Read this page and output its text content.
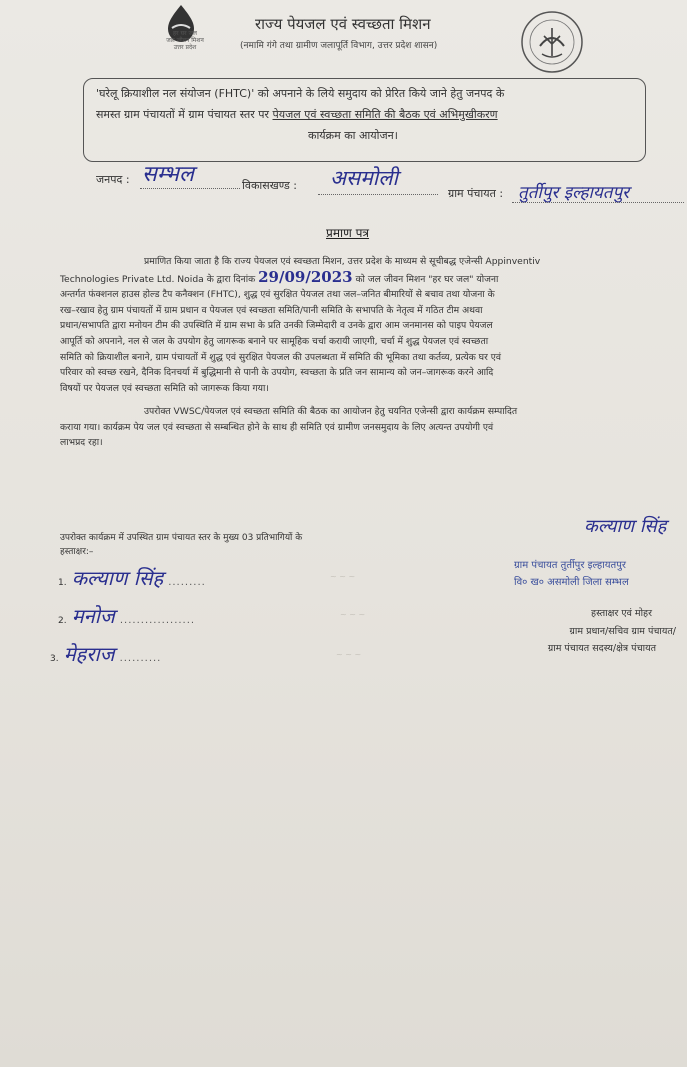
हर घर जल
जल जीवन मिशन
उत्तर प्रदेश
राज्य पेयजल एवं स्वच्छता मिशन
(नमामि गंगे तथा ग्रामीण जलापूर्ति विभाग, उत्तर प्रदेश शासन)
'घरेलू क्रियाशील नल संयोजन (FHTC)' को अपनाने के लिये समुदाय को प्रेरित किये जाने हेतु जनपद के
समस्त ग्राम पंचायतों में ग्राम पंचायत स्तर पर पेयजल एवं स्वच्छता समिति की बैठक एवं अभिमुखीकरण
कार्यक्रम का आयोजन।
जनपद : सम्भल	विकासखण्ड : असमोली
ग्राम पंचायत : तुर्तीपुर इल्हायतपुर
प्रमाण पत्र

प्रमाणित किया जाता है कि राज्य पेयजल एवं स्वच्छता मिशन, उत्तर प्रदेश के माध्यम से सूचीबद्ध एजेन्सी Appinventiv

Technologies Private Ltd. Noida के द्वारा दिनांक 29/09/2023 को जल जीवन मिशन "हर घर जल" योजना

अन्तर्गत फंक्शनल हाउस होल्ड टैप कनैक्शन (FHTC), शुद्ध एवं सुरक्षित पेयजल तथा जल–जनित बीमारियों से बचाव तथा योजना के

रख–रखाव हेतु ग्राम पंचायतों में ग्राम प्रधान व पेयजल एवं स्वच्छता समिति/पानी समिति के सभापति के नेतृत्व में गठित टीम अथवा

प्रधान/सभापति द्वारा मनोयन टीम की उपस्थिति में ग्राम सभा के प्रति उनकी जिम्मेदारी व उनके द्वारा आम जनमानस को पाइप पेयजल

आपूर्ति को अपनाने, नल से जल के उपयोग हेतु जागरूक बनाने पर सामूहिक चर्चा करायी जाएगी, चर्चा में शुद्ध पेयजल एवं स्वच्छता

समिति को क्रियाशील बनाने, ग्राम पंचायतों में शुद्ध एवं सुरक्षित पेयजल की उपलब्धता में समिति की भूमिका तथा कर्तव्य, प्रत्येक घर एवं

परिवार को स्वच्छ रखने, दैनिक दिनचर्या में बुद्धिमानी से पानी के उपयोग, स्वच्छता के प्रति जन सामान्य को जन–जागरूक करने आदि

विषयों पर पेयजल एवं स्वच्छता समिति को जागरूक किया गया।

उपरोक्त VWSC/पेयजल एवं स्वच्छता समिति की बैठक का आयोजन हेतु चयनित एजेन्सी द्वारा कार्यक्रम सम्पादित

कराया गया। कार्यक्रम पेय जल एवं स्वच्छता से सम्बन्धित होने के साथ ही समिति एवं ग्रामीण जनसमुदाय के लिए अत्यन्त उपयोगी एवं

लाभप्रद रहा।

उपरोक्त कार्यक्रम में उपस्थित ग्राम पंचायत स्तर के मुख्य 03 प्रतिभागियों के
हस्ताक्षर:–
1. कल्याण सिंह .........
2. मनोज ..................
3. मेहराज ..........
कल्याण सिंह
ग्राम पंचायत तुर्तीपुर इल्हायतपुर
वि० ख० असमोली जिला सम्भल
हस्ताक्षर एवं मोहर
ग्राम प्रधान/सचिव ग्राम पंचायत/
ग्राम पंचायत सदस्य/क्षेत्र पंचायत
~ ~ ~
~ ~ ~
~ ~ ~
